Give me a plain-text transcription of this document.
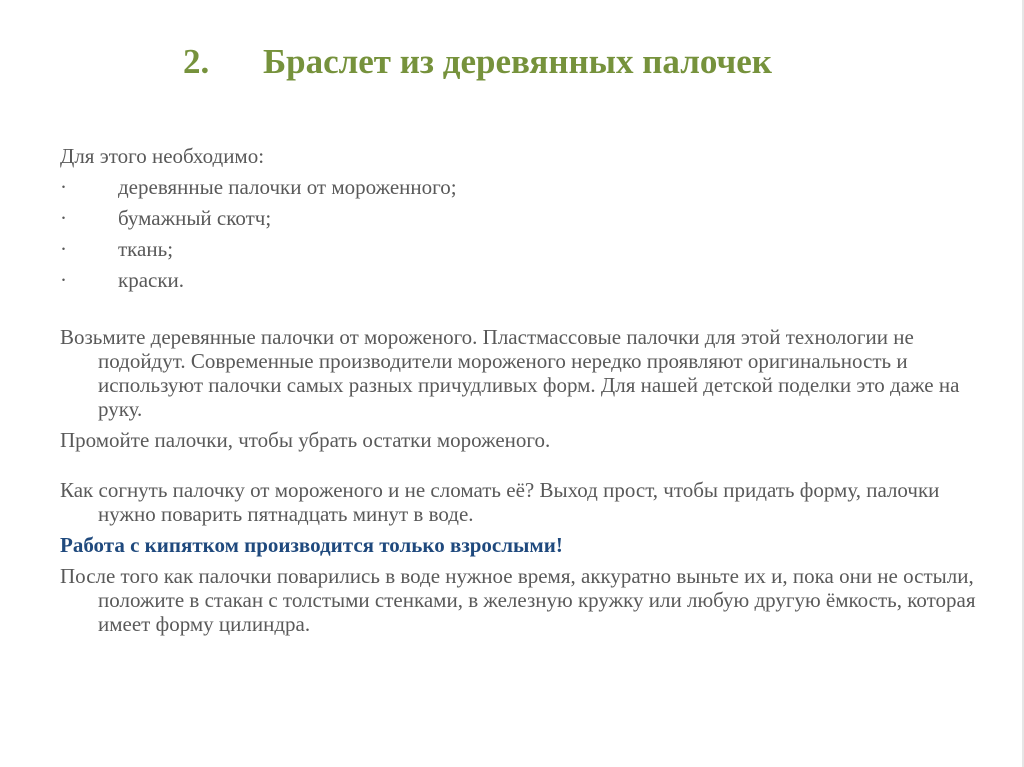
2. Браслет из деревянных палочек

Для этого необходимо:

·	деревянные палочки от мороженного;
·	бумажный скотч;
·	ткань;
·	краски.

Возьмите деревянные палочки от мороженого. Пластмассовые палочки для этой технологии не подойдут. Современные производители мороженого нередко проявляют оригинальность и используют палочки самых разных причудливых форм. Для нашей детской поделки это даже на руку.

Промойте палочки, чтобы убрать остатки мороженого.

Как согнуть палочку от мороженого и не сломать её? Выход прост, чтобы придать форму, палочки нужно поварить пятнадцать минут в воде.

Работа с кипятком производится только взрослыми!

После того как палочки поварились в воде нужное время, аккуратно выньте их и, пока они не остыли, положите в стакан с толстыми стенками, в железную кружку или любую другую ёмкость, которая имеет форму цилиндра.
